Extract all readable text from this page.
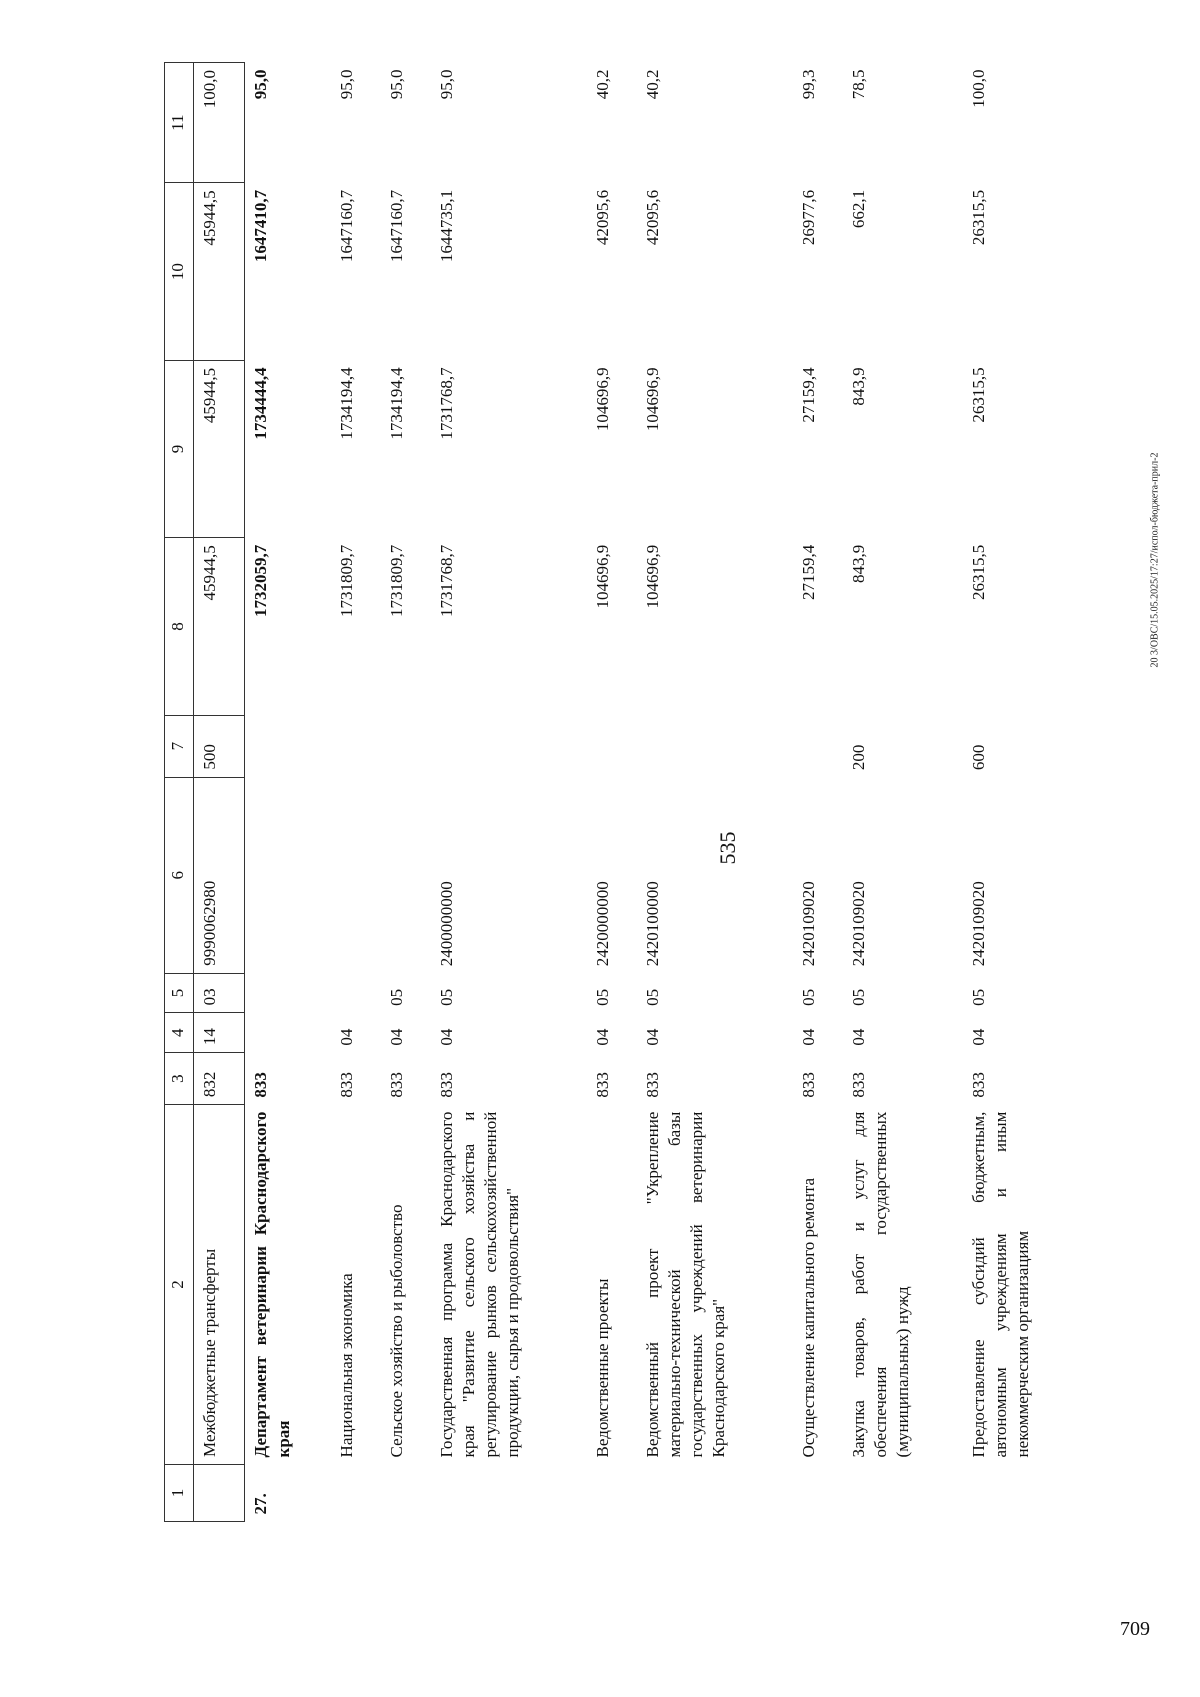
535
709
20 3/ОВС/15.05.2025/17:27/испол-бюджета-прил-2
1	2	3	4	5	6	7	8	9	10	11
	Межбюджетные трансферты	832	14	03	9990062980	500	45944,5	45944,5	45944,5	100,0
27.	Департамент ветеринарии Краснодарского края	833					1732059,7	1734444,4	1647410,7	95,0
	Национальная экономика	833	04				1731809,7	1734194,4	1647160,7	95,0
	Сельское хозяйство и рыболовство	833	04	05			1731809,7	1734194,4	1647160,7	95,0
	Государственная программа Краснодарского края "Развитие сельского хозяйства и регулирование рынков сельскохозяйственной продукции, сырья и продовольствия"	833	04	05	2400000000		1731768,7	1731768,7	1644735,1	95,0
	Ведомственные проекты	833	04	05	2420000000		104696,9	104696,9	42095,6	40,2
	Ведомственный проект "Укрепление материально-технической базы государственных учреждений ветеринарии Краснодарского края"	833	04	05	2420100000		104696,9	104696,9	42095,6	40,2
	Осуществление капитального ремонта	833	04	05	2420109020		27159,4	27159,4	26977,6	99,3
	Закупка товаров, работ и услуг для обеспечения государственных (муниципальных) нужд	833	04	05	2420109020	200	843,9	843,9	662,1	78,5
	Предоставление субсидий бюджетным, автономным учреждениям и иным некоммерческим организациям	833	04	05	2420109020	600	26315,5	26315,5	26315,5	100,0
